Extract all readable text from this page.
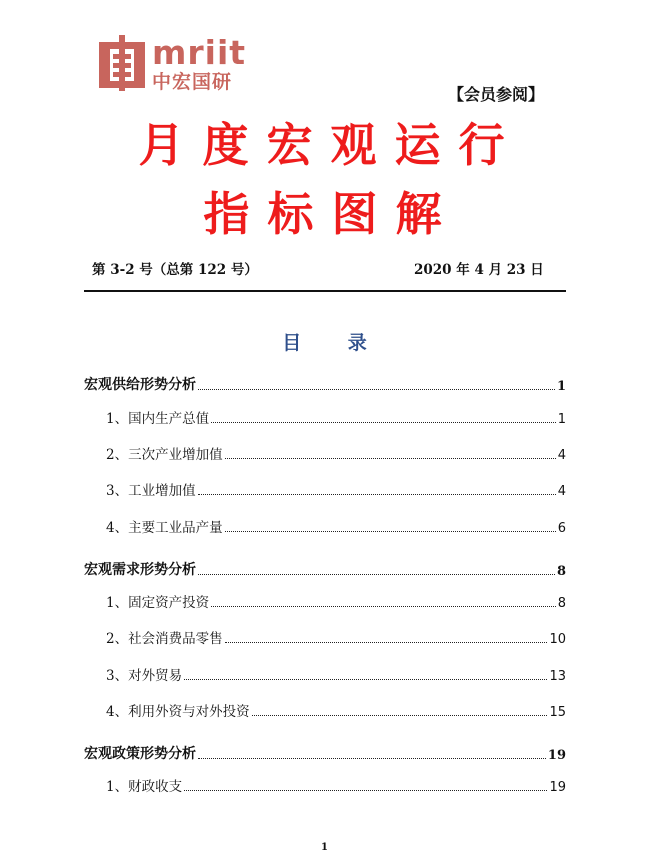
mriit
中宏国研
【会员参阅】
月度宏观运行
指标图解
第 3-2 号（总第 122 号）	2020 年 4 月 23 日
目 录
宏观供给形势分析	1
1、国内生产总值	1
2、三次产业增加值	4
3、工业增加值	4
4、主要工业品产量	6
宏观需求形势分析	8
1、固定资产投资	8
2、社会消费品零售	10
3、对外贸易	13
4、利用外资与对外投资	15
宏观政策形势分析	19
1、财政收支	19
1
